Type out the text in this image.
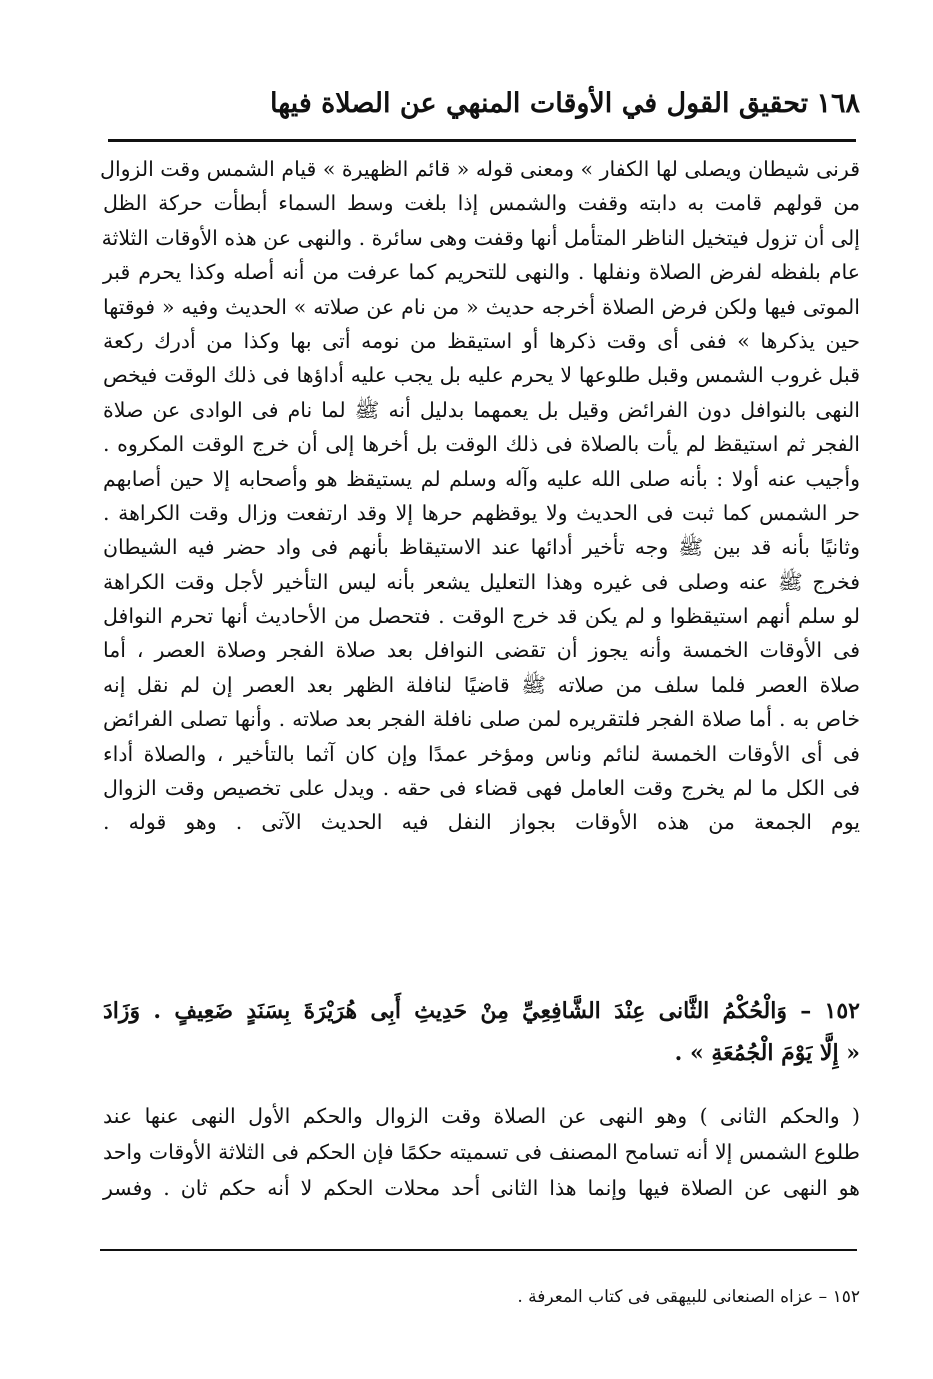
١٦٨
تحقيق القول في الأوقات المنهي عن الصلاة فيها
قرنى شيطان ويصلى لها الكفار » ومعنى قوله « قائم الظهيرة » قيام الشمس وقت الزوال
من قولهم قامت به دابته وقفت والشمس إذا بلغت وسط السماء أبطأت حركة الظل
إلى أن تزول فيتخيل الناظر المتأمل أنها وقفت وهى سائرة . والنهى عن هذه الأوقات الثلاثة
عام بلفظه لفرض الصلاة ونفلها . والنهى للتحريم كما عرفت من أنه أصله وكذا يحرم قبر
الموتى فيها ولكن فرض الصلاة أخرجه حديث « من نام عن صلاته » الحديث وفيه « فوقتها
حين يذكرها » ففى أى وقت ذكرها أو استيقظ من نومه أتى بها وكذا من أدرك ركعة
قبل غروب الشمس وقبل طلوعها لا يحرم عليه بل يجب عليه أداؤها فى ذلك الوقت فيخص
النهى بالنوافل دون الفرائض وقيل بل يعمهما بدليل أنه ﷺ لما نام فى الوادى عن صلاة
الفجر ثم استيقظ لم يأت بالصلاة فى ذلك الوقت بل أخرها إلى أن خرج الوقت المكروه .
وأجيب عنه أولا : بأنه صلى الله عليه وآله وسلم لم يستيقظ هو وأصحابه إلا حين أصابهم
حر الشمس كما ثبت فى الحديث ولا يوقظهم حرها إلا وقد ارتفعت وزال وقت الكراهة .
وثانيًا بأنه قد بين ﷺ وجه تأخير أدائها عند الاستيقاظ بأنهم فى واد حضر فيه الشيطان
فخرج ﷺ عنه وصلى فى غيره وهذا التعليل يشعر بأنه ليس التأخير لأجل وقت الكراهة
لو سلم أنهم استيقظوا و لم يكن قد خرج الوقت . فتحصل من الأحاديث أنها تحرم النوافل
فى الأوقات الخمسة وأنه يجوز أن تقضى النوافل بعد صلاة الفجر وصلاة العصر ، أما
صلاة العصر فلما سلف من صلاته ﷺ قاضيًا لنافلة الظهر بعد العصر إن لم نقل إنه
خاص به . أما صلاة الفجر فلتقريره لمن صلى نافلة الفجر بعد صلاته . وأنها تصلى الفرائض
فى أى الأوقات الخمسة لنائم وناس ومؤخر عمدًا وإن كان آثما بالتأخير ، والصلاة أداء
فى الكل ما لم يخرج وقت العامل فهى قضاء فى حقه . ويدل على تخصيص وقت الزوال
يوم الجمعة من هذه الأوقات بجواز النفل فيه الحديث الآتى . وهو قوله .
١٥٢ – وَالْحُكْمُ الثَّانى عِنْدَ الشَّافِعِيِّ مِنْ حَدِيثِ أَبِى هُرَيْرَةَ بِسَنَدٍ ضَعِيفٍ . وَزَادَ
« إِلَّا يَوْمَ الْجُمُعَةِ » .
( والحكم الثانى ) وهو النهى عن الصلاة وقت الزوال والحكم الأول النهى عنها عند
طلوع الشمس إلا أنه تسامح المصنف فى تسميته حكمًا فإن الحكم فى الثلاثة الأوقات واحد
هو النهى عن الصلاة فيها وإنما هذا الثانى أحد محلات الحكم لا أنه حكم ثان . وفسر
١٥٢ – عزاه الصنعانى للبيهقى فى كتاب المعرفة .
